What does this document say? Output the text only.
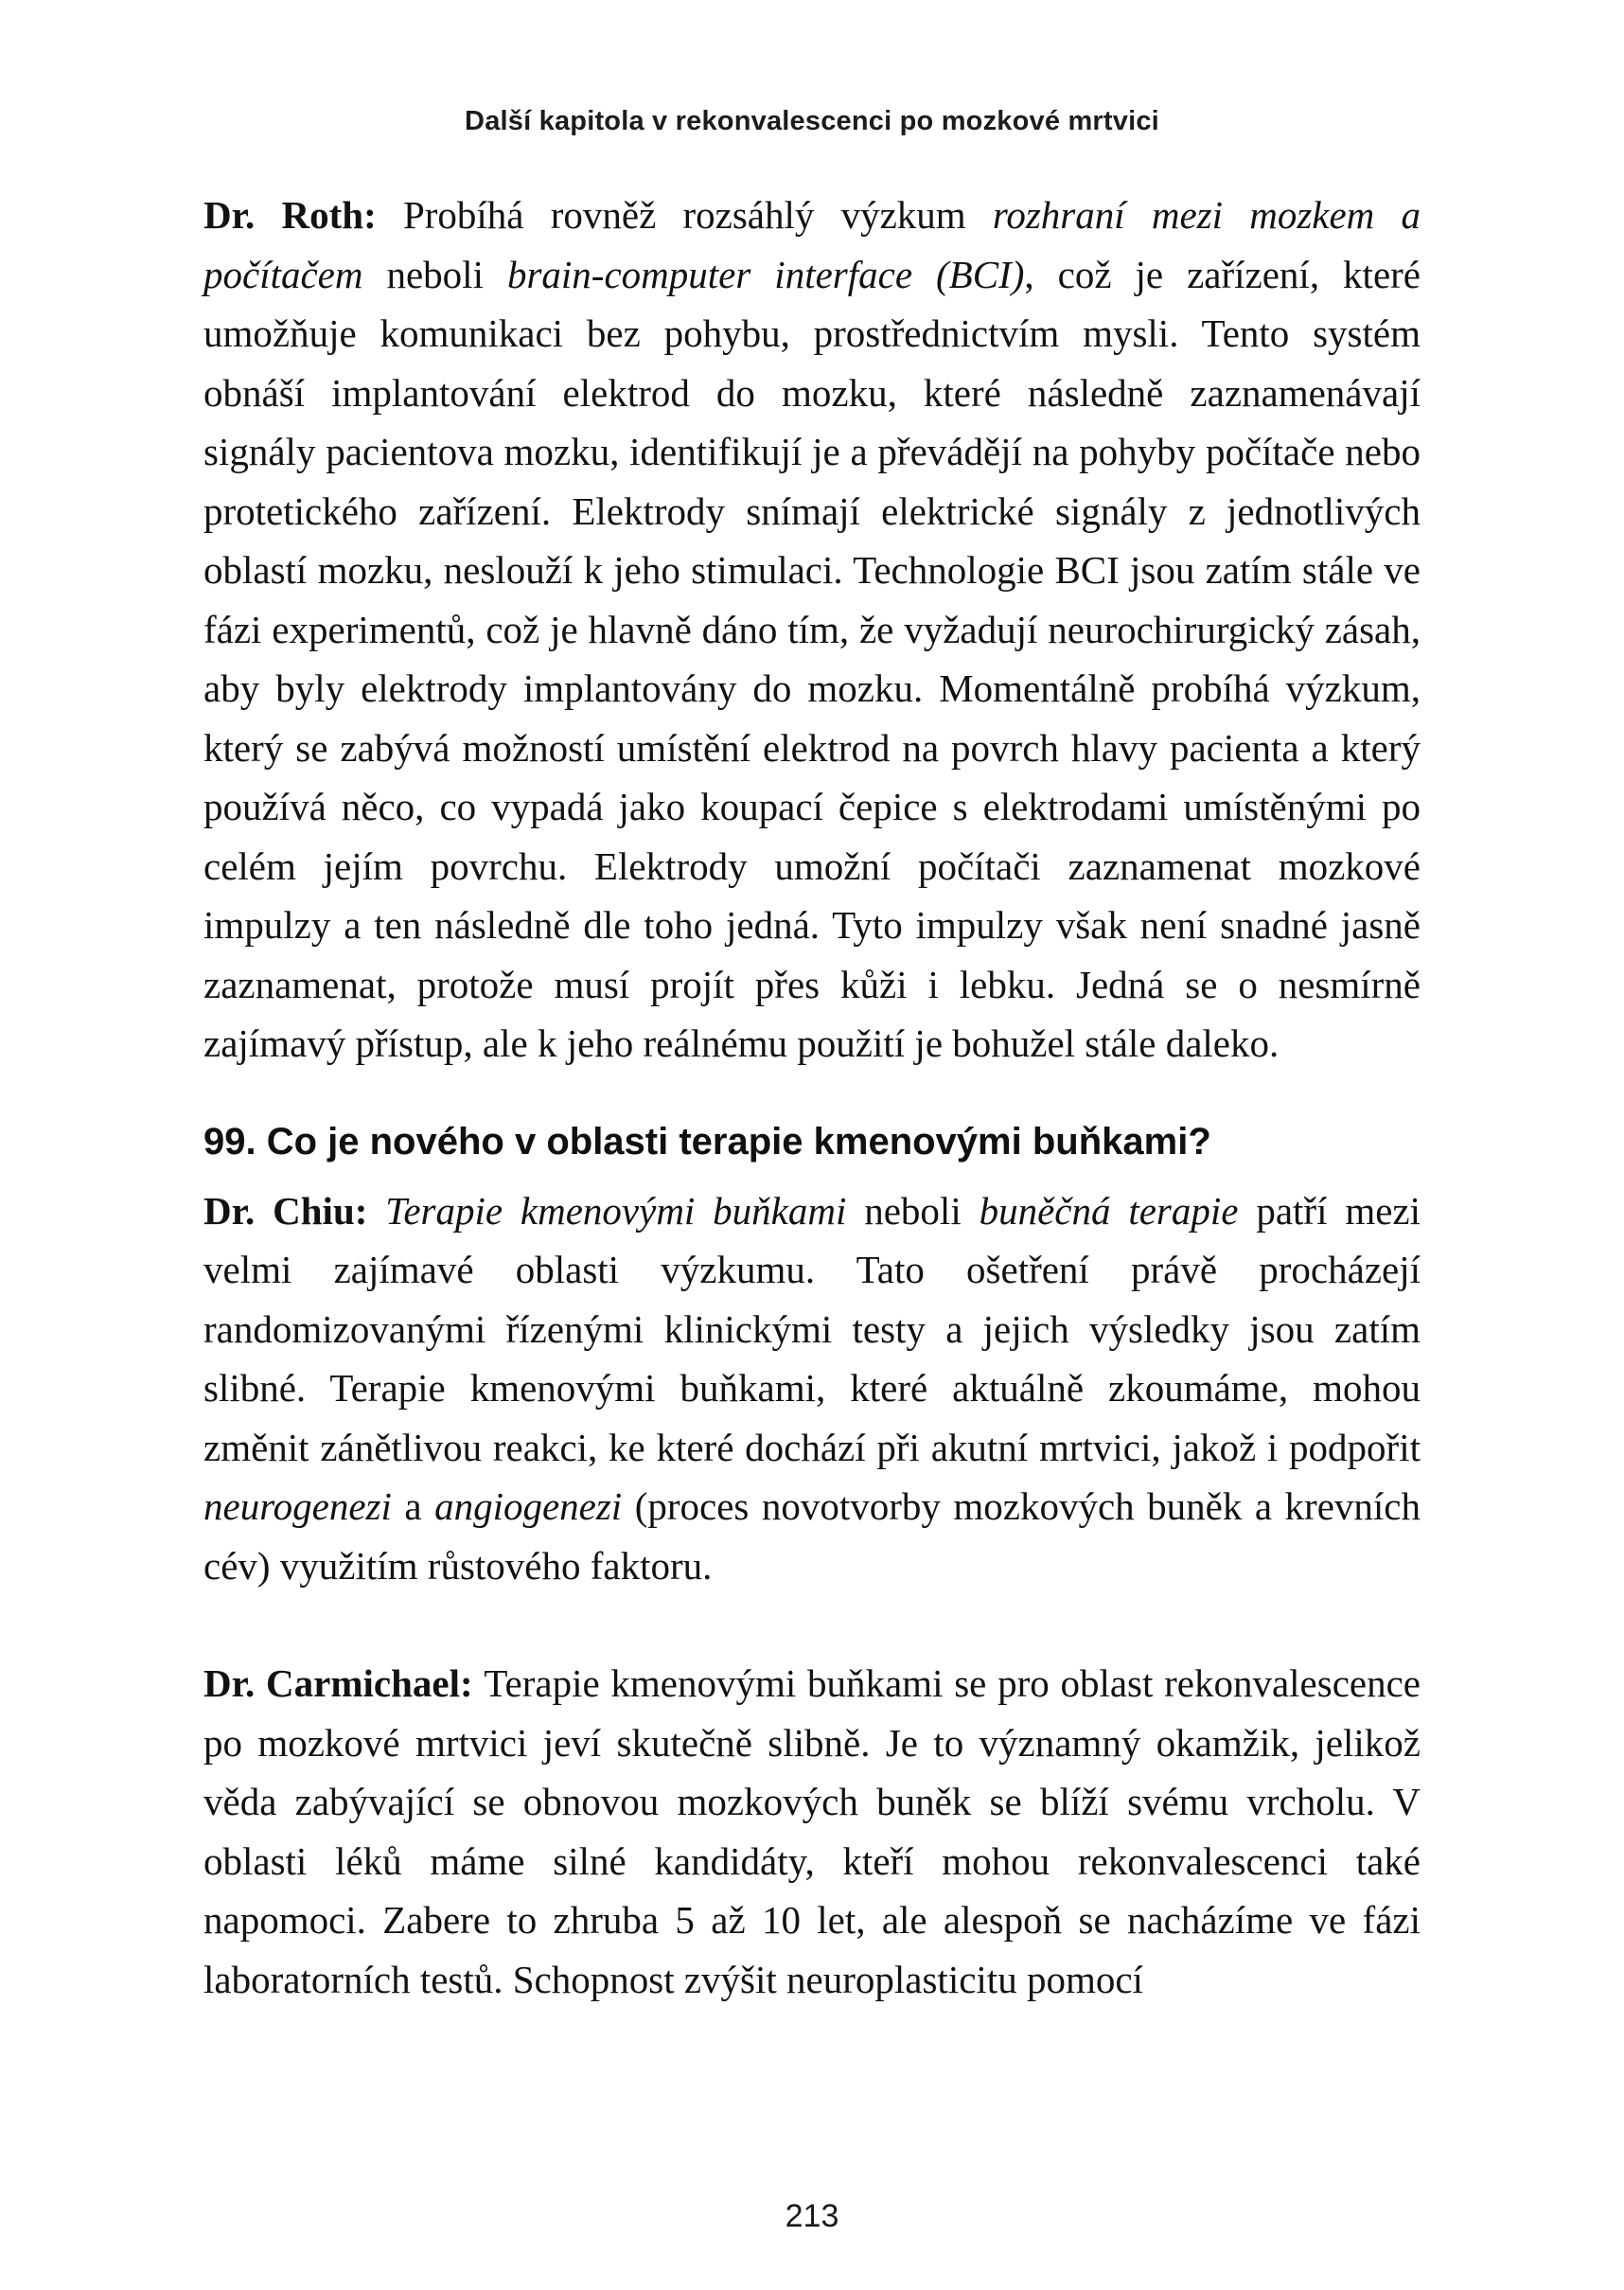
Další kapitola v rekonvalescenci po mozkové mrtvici

Dr. Roth: Probíhá rovněž rozsáhlý výzkum rozhraní mezi mozkem a počítačem neboli brain-computer interface (BCI), což je zařízení, které umožňuje komunikaci bez pohybu, prostřednictvím mysli. Tento systém obnáší implantování elektrod do mozku, které následně zaznamenávají signály pacientova mozku, identifikují je a převádějí na pohyby počítače nebo protetického zařízení. Elektrody snímají elektrické signály z jednotlivých oblastí mozku, neslouží k jeho stimulaci. Technologie BCI jsou zatím stále ve fázi experimentů, což je hlavně dáno tím, že vyžadují neurochirurgický zásah, aby byly elektrody implantovány do mozku. Momentálně probíhá výzkum, který se zabývá možností umístění elektrod na povrch hlavy pacienta a který používá něco, co vypadá jako koupací čepice s elektrodami umístěnými po celém jejím povrchu. Elektrody umožní počítači zaznamenat mozkové impulzy a ten následně dle toho jedná. Tyto impulzy však není snadné jasně zaznamenat, protože musí projít přes kůži i lebku. Jedná se o nesmírně zajímavý přístup, ale k jeho reálnému použití je bohužel stále daleko.

99. Co je nového v oblasti terapie kmenovými buňkami?

Dr. Chiu: Terapie kmenovými buňkami neboli buněčná terapie patří mezi velmi zajímavé oblasti výzkumu. Tato ošetření právě procházejí randomizovanými řízenými klinickými testy a jejich výsledky jsou zatím slibné. Terapie kmenovými buňkami, které aktuálně zkoumáme, mohou změnit zánětlivou reakci, ke které dochází při akutní mrtvici, jakož i podpořit neurogenezi a angiogenezi (proces novotvorby mozkových buněk a krevních cév) využitím růstového faktoru.

Dr. Carmichael: Terapie kmenovými buňkami se pro oblast rekonvalescence po mozkové mrtvici jeví skutečně slibně. Je to významný okamžik, jelikož věda zabývající se obnovou mozkových buněk se blíží svému vrcholu. V oblasti léků máme silné kandidáty, kteří mohou rekonvalescenci také napomoci. Zabere to zhruba 5 až 10 let, ale alespoň se nacházíme ve fázi laboratorních testů. Schopnost zvýšit neuroplasticitu pomocí

213
